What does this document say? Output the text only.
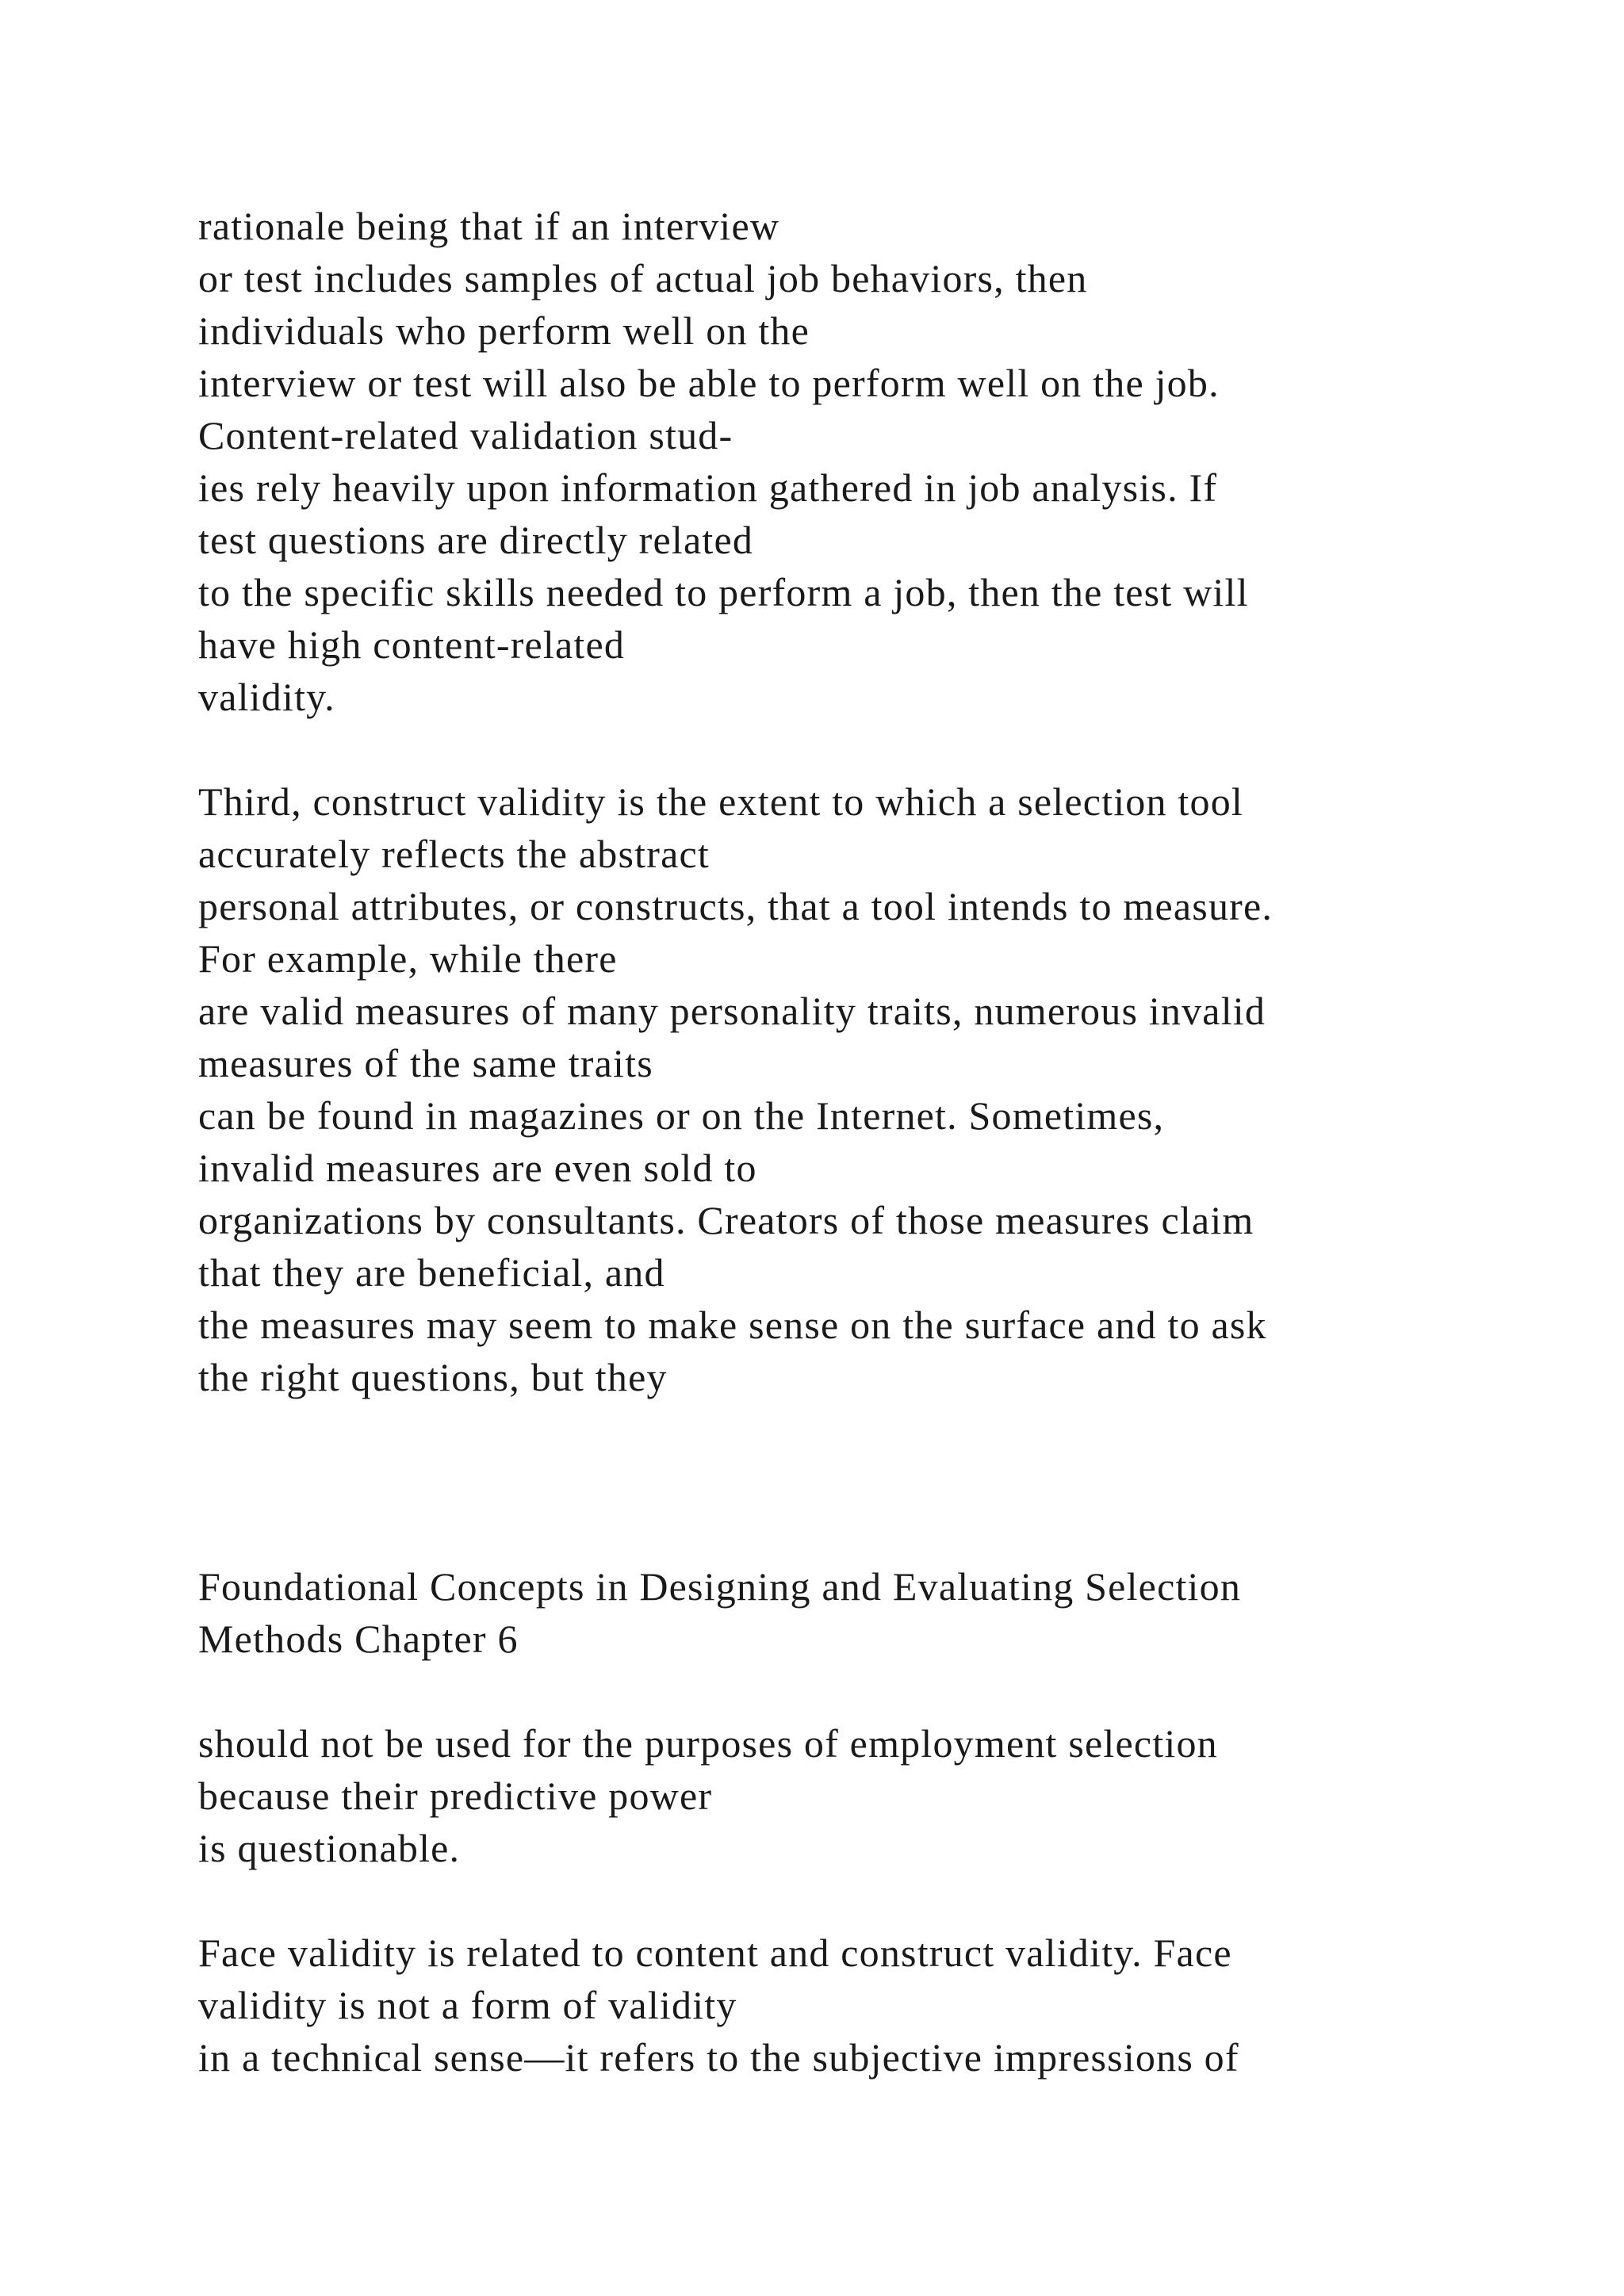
rationale being that if an interview
or test includes samples of actual job behaviors, then
individuals who perform well on the
interview or test will also be able to perform well on the job.
Content-related validation stud-
ies rely heavily upon information gathered in job analysis. If
test questions are directly related
to the specific skills needed to perform a job, then the test will
have high content-related
validity.
Third, construct validity is the extent to which a selection tool
accurately reflects the abstract
personal attributes, or constructs, that a tool intends to measure.
For example, while there
are valid measures of many personality traits, numerous invalid
measures of the same traits
can be found in magazines or on the Internet. Sometimes,
invalid measures are even sold to
organizations by consultants. Creators of those measures claim
that they are beneficial, and
the measures may seem to make sense on the surface and to ask
the right questions, but they
Foundational Concepts in Designing and Evaluating Selection
Methods Chapter 6
should not be used for the purposes of employment selection
because their predictive power
is questionable.
Face validity is related to content and construct validity. Face
validity is not a form of validity
in a technical sense—it refers to the subjective impressions of
